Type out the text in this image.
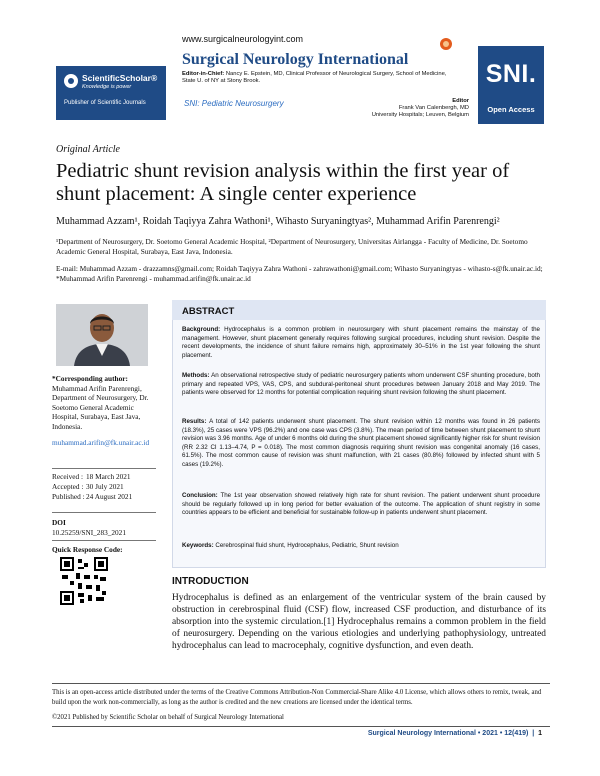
ScientificScholar®
Knowledge is power
Publisher of Scientific Journals
www.surgicalneurologyint.com
Surgical Neurology International
Editor-in-Chief: Nancy E. Epstein, MD, Clinical Professor of Neurological Surgery, School of Medicine, State U. of NY at Stony Brook.
SNI: Pediatric Neurosurgery	Editor
Frank Van Calenbergh, MD
University Hospitals; Leuven, Belgium
SNI.
Open Access
Original Article
Pediatric shunt revision analysis within the first year of shunt placement: A single center experience
Muhammad Azzam¹, Roidah Taqiyya Zahra Wathoni¹, Wihasto Suryaningtyas², Muhammad Arifin Parenrengi²
¹Department of Neurosurgery, Dr. Soetomo General Academic Hospital, ²Department of Neurosurgery, Universitas Airlangga - Faculty of Medicine, Dr. Soetomo Academic General Hospital, Surabaya, East Java, Indonesia.
E-mail: Muhammad Azzam - drazzamns@gmail.com; Roidah Taqiyya Zahra Wathoni - zahrawathoni@gmail.com; Wihasto Suryaningtyas - wihasto-s@fk.unair.ac.id; *Muhammad Arifin Parenrengi - muhammad.arifin@fk.unair.ac.id
*Corresponding author:
Muhammad Arifin Parenrengi, Department of Neurosurgery, Dr. Soetomo General Academic Hospital, Surabaya, East Java, Indonesia.
muhammad.arifin@fk.unair.ac.id
Received : 18 March 2021
Accepted : 30 July 2021
Published : 24 August 2021
DOI
10.25259/SNI_283_2021
Quick Response Code:
ABSTRACT
Background: Hydrocephalus is a common problem in neurosurgery with shunt placement remains the mainstay of the management. However, shunt placement generally requires following surgical procedures, including shunt revision. Despite the recent developments, the incidence of shunt failure remains high, approximately 30–51% in the 1st year following the shunt placement.
Methods: An observational retrospective study of pediatric neurosurgery patients whom underwent CSF shunting procedure, both primary and repeated VPS, VAS, CPS, and subdural-peritoneal shunt procedures between January 2018 and May 2019. The patients were observed for 12 months for potential complication requiring shunt revision following the shunt placement.
Results: A total of 142 patients underwent shunt placement. The shunt revision within 12 months was found in 26 patients (18.3%), 25 cases were VPS (96.2%) and one case was CPS (3.8%). The mean period of time between shunt placement to shunt revision was 3.96 months. Age of under 6 months old during the shunt placement showed significantly higher risk for shunt revision (RR 2.32 CI 1.13–4.74, P = 0.018). The most common diagnosis requiring shunt revision was congenital anomaly (16 cases, 61.5%). The most common cause of revision was shunt malfunction, with 21 cases (80.8%) followed by infected shunt with 5 cases (19.2%).
Conclusion: The 1st year observation showed relatively high rate for shunt revision. The patient underwent shunt procedure should be regularly followed up in long period for better evaluation of the outcome. The application of shunt registry in some countries appears to be efficient and beneficial for sustainable follow-up in patients underwent shunt placement.
Keywords: Cerebrospinal fluid shunt, Hydrocephalus, Pediatric, Shunt revision
INTRODUCTION
Hydrocephalus is defined as an enlargement of the ventricular system of the brain caused by obstruction in cerebrospinal fluid (CSF) flow, increased CSF production, and disturbance of its absorption into the systemic circulation.[1] Hydrocephalus remains a common problem in the field of neurosurgery. Depending on the various etiologies and underlying pathophysiology, untreated hydrocephalus can lead to macrocephaly, cognitive dysfunction, and even death.
This is an open-access article distributed under the terms of the Creative Commons Attribution-Non Commercial-Share Alike 4.0 License, which allows others to remix, tweak, and build upon the work non-commercially, as long as the author is credited and the new creations are licensed under the identical terms.
©2021 Published by Scientific Scholar on behalf of Surgical Neurology International
Surgical Neurology International • 2021 • 12(419)  |  1
